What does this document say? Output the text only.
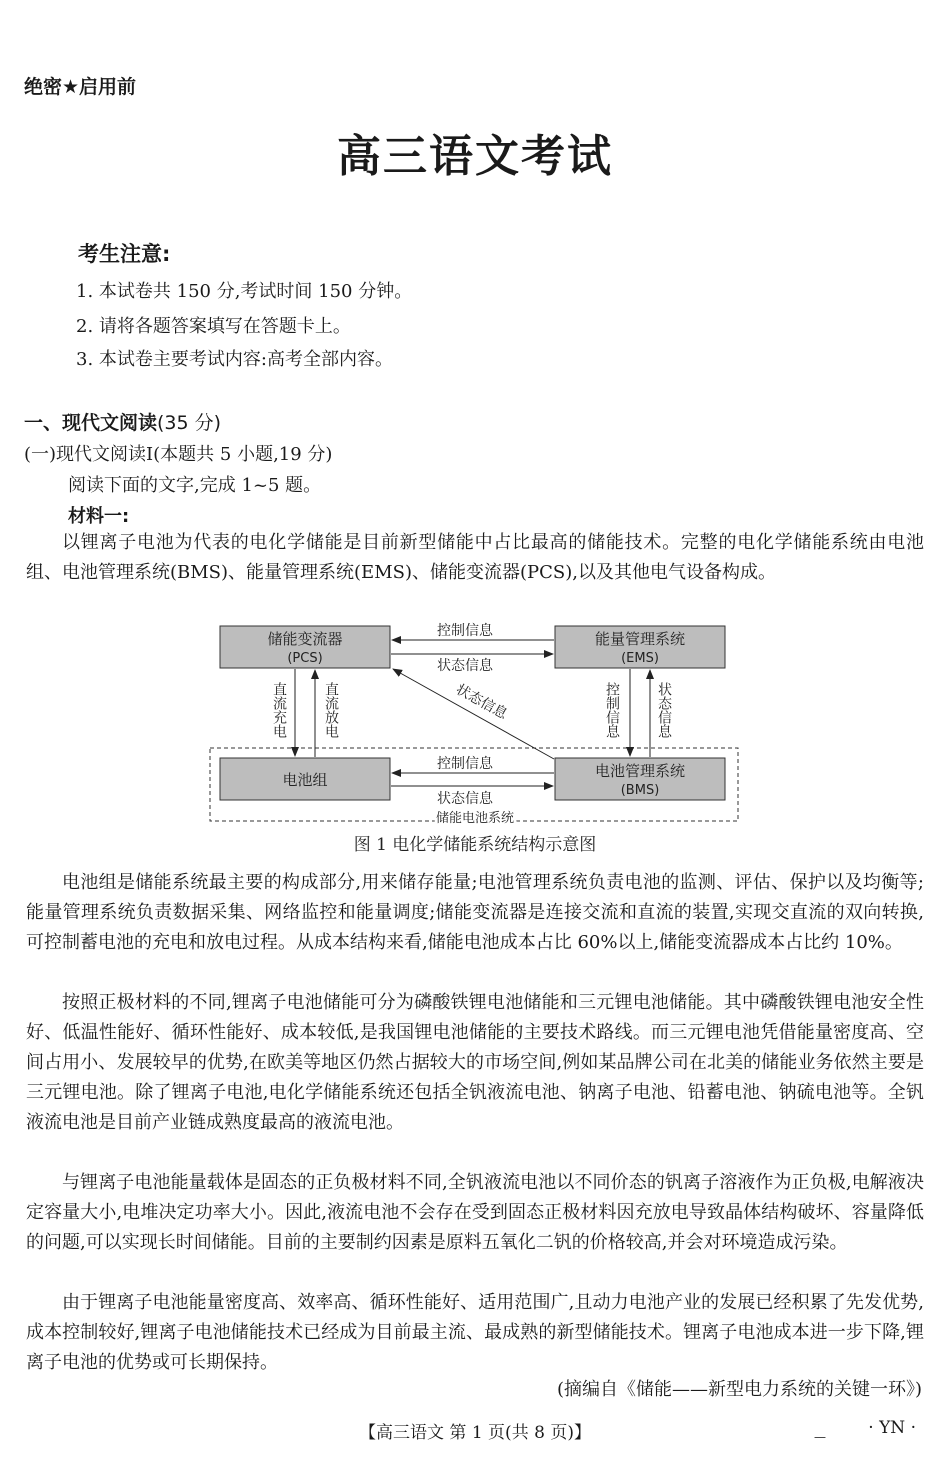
绝密★启用前
高三语文考试
考生注意:
1. 本试卷共 150 分,考试时间 150 分钟。
2. 请将各题答案填写在答题卡上。
3. 本试卷主要考试内容:高考全部内容。
一、现代文阅读(35 分)
(一)现代文阅读Ⅰ(本题共 5 小题,19 分)
阅读下面的文字,完成 1~5 题。
材料一:

以锂离子电池为代表的电化学储能是目前新型储能中占比最高的储能技术。完整的电化学储能系统由电池组、电池管理系统(BMS)、能量管理系统(EMS)、储能变流器(PCS),以及其他电气设备构成。

储能变流器
(PCS)
能量管理系统
(EMS)
电池组	电池管理系统
(BMS)
控制信息
状态信息
控制信息
状态信息
直流充电	直流放电	控制信息	状态信息
状态信息
储能电池系统
图 1 电化学储能系统结构示意图

电池组是储能系统最主要的构成部分,用来储存能量;电池管理系统负责电池的监测、评估、保护以及均衡等;能量管理系统负责数据采集、网络监控和能量调度;储能变流器是连接交流和直流的装置,实现交直流的双向转换,可控制蓄电池的充电和放电过程。从成本结构来看,储能电池成本占比 60%以上,储能变流器成本占比约 10%。

按照正极材料的不同,锂离子电池储能可分为磷酸铁锂电池储能和三元锂电池储能。其中磷酸铁锂电池安全性好、低温性能好、循环性能好、成本较低,是我国锂电池储能的主要技术路线。而三元锂电池凭借能量密度高、空间占用小、发展较早的优势,在欧美等地区仍然占据较大的市场空间,例如某品牌公司在北美的储能业务依然主要是三元锂电池。除了锂离子电池,电化学储能系统还包括全钒液流电池、钠离子电池、铅蓄电池、钠硫电池等。全钒液流电池是目前产业链成熟度最高的液流电池。

与锂离子电池能量载体是固态的正负极材料不同,全钒液流电池以不同价态的钒离子溶液作为正负极,电解液决定容量大小,电堆决定功率大小。因此,液流电池不会存在受到固态正极材料因充放电导致晶体结构破坏、容量降低的问题,可以实现长时间储能。目前的主要制约因素是原料五氧化二钒的价格较高,并会对环境造成污染。

由于锂离子电池能量密度高、效率高、循环性能好、适用范围广,且动力电池产业的发展已经积累了先发优势,成本控制较好,锂离子电池储能技术已经成为目前最主流、最成熟的新型储能技术。锂离子电池成本进一步下降,锂离子电池的优势或可长期保持。

(摘编自《储能——新型电力系统的关键一环》)
【高三语文 第 1 页(共 8 页)】	— · YN ·
